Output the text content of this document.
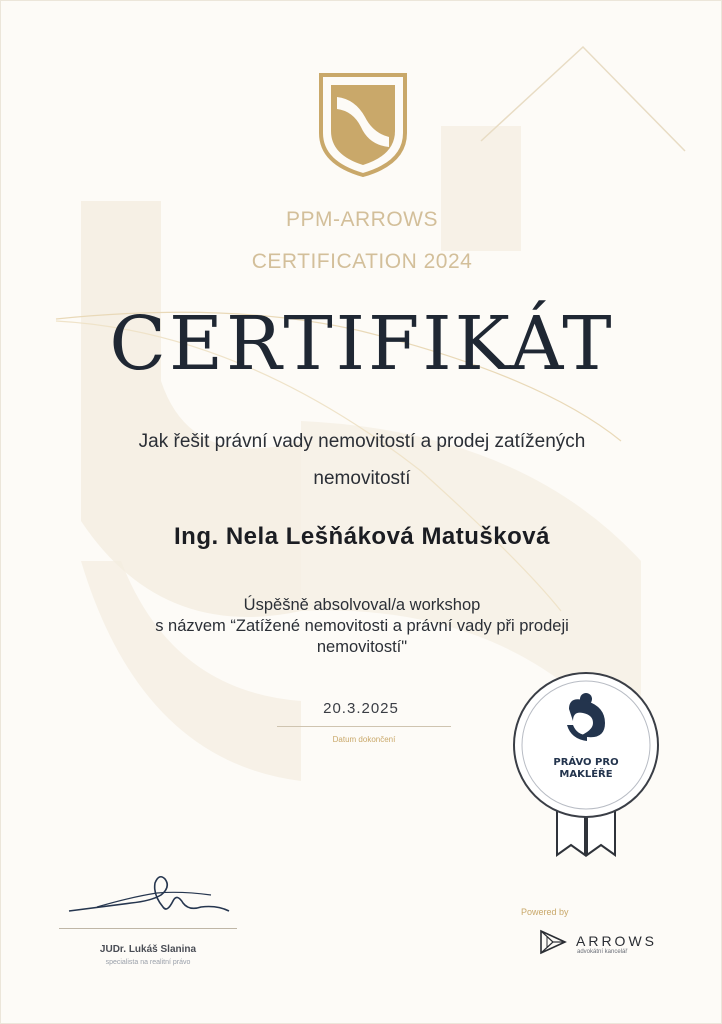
PPM-ARROWS
CERTIFICATION 2024
CERTIFIKÁT
Jak řešit právní vady nemovitostí a prodej zatížených
nemovitostí
Ing. Nela Lešňáková Matušková
Úspěšně absolvoval/a workshop
s názvem “Zatížené nemovitosti a právní vady při prodeji
nemovitostí"
20.3.2025
Datum dokončení
PRÁVO PRO
MAKLÉŘE
JUDr. Lukáš Slanina
specialista na realitní právo
Powered by
ARROWS
advokátní kancelář
